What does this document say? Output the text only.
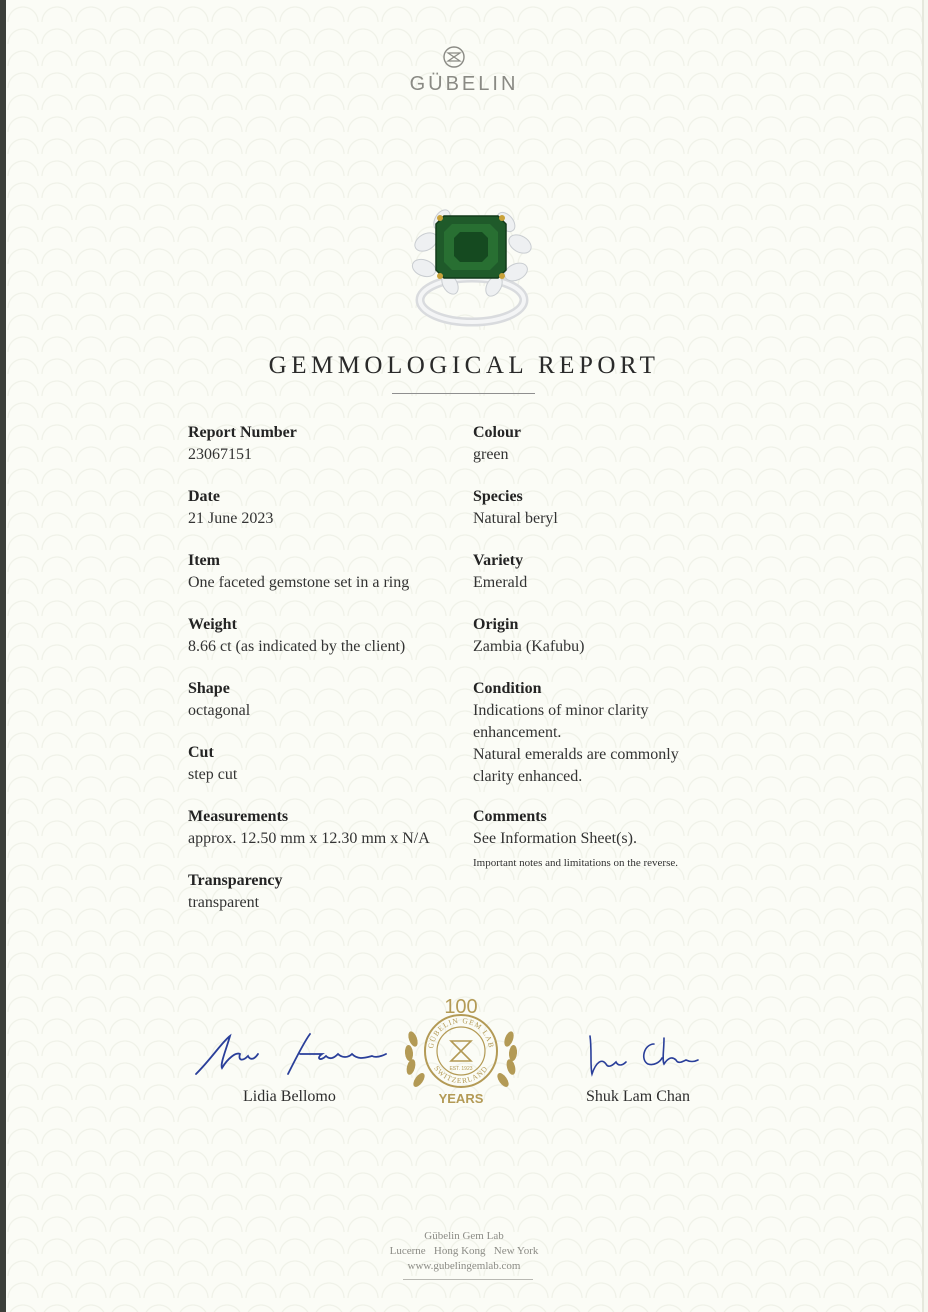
GÜBELIN
GEMMOLOGICAL REPORT
Report Number
23067151
Date
21 June 2023
Item
One faceted gemstone set in a ring
Weight
8.66 ct (as indicated by the client)
Shape
octagonal
Cut
step cut
Measurements
approx. 12.50 mm x 12.30 mm x N/A
Transparency
transparent
Colour
green
Species
Natural beryl
Variety
Emerald
Origin
Zambia (Kafubu)
Condition
Indications of minor clarity enhancement.
Natural emeralds are commonly clarity enhanced.
Comments
See Information Sheet(s).
Important notes and limitations on the reverse.
Lidia Bellomo	Shuk Lam Chan
100
GÜBELIN GEM LAB
SWITZERLAND
EST. 1923
YEARS
Gübelin Gem Lab
Lucerne   Hong Kong   New York
www.gubelingemlab.com
